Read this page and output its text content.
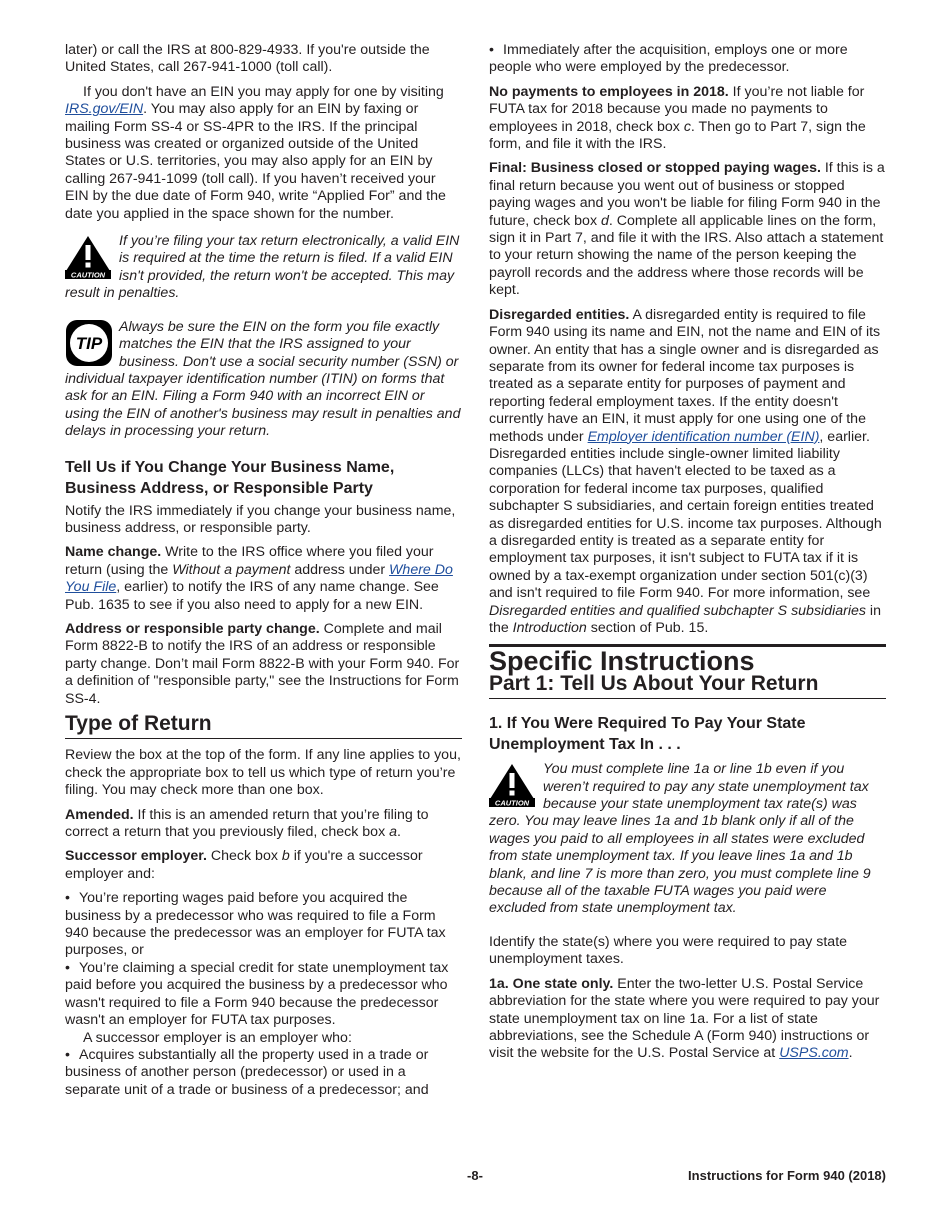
later) or call the IRS at 800-829-4933. If you're outside the United States, call 267-941-1000 (toll call).

If you don't have an EIN you may apply for one by visiting IRS.gov/EIN. You may also apply for an EIN by faxing or mailing Form SS-4 or SS-4PR to the IRS. If the principal business was created or organized outside of the United States or U.S. territories, you may also apply for an EIN by calling 267-941-1099 (toll call). If you haven’t received your EIN by the due date of Form 940, write “Applied For” and the date you applied in the space shown for the number.

CAUTION
If you’re filing your tax return electronically, a valid EIN is required at the time the return is filed. If a valid EIN isn't provided, the return won't be accepted. This may result in penalties.
TIP
Always be sure the EIN on the form you file exactly matches the EIN that the IRS assigned to your business. Don't use a social security number (SSN) or individual taxpayer identification number (ITIN) on forms that ask for an EIN. Filing a Form 940 with an incorrect EIN or using the EIN of another's business may result in penalties and delays in processing your return.
Tell Us if You Change Your Business Name, Business Address, or Responsible Party

Notify the IRS immediately if you change your business name, business address, or responsible party.

Name change. Write to the IRS office where you filed your return (using the Without a payment address under Where Do You File, earlier) to notify the IRS of any name change. See Pub. 1635 to see if you also need to apply for a new EIN.

Address or responsible party change. Complete and mail Form 8822-B to notify the IRS of an address or responsible party change. Don’t mail Form 8822-B with your Form 940. For a definition of "responsible party," see the Instructions for Form SS-4.

Type of Return

Review the box at the top of the form. If any line applies to you, check the appropriate box to tell us which type of return you’re filing. You may check more than one box.

Amended. If this is an amended return that you’re filing to correct a return that you previously filed, check box a.

Successor employer. Check box b if you're a successor employer and:

• You’re reporting wages paid before you acquired the business by a predecessor who was required to file a Form 940 because the predecessor was an employer for FUTA tax purposes, or

• You’re claiming a special credit for state unemployment tax paid before you acquired the business by a predecessor who wasn't required to file a Form 940 because the predecessor wasn't an employer for FUTA tax purposes.

A successor employer is an employer who:

• Acquires substantially all the property used in a trade or business of another person (predecessor) or used in a separate unit of a trade or business of a predecessor; and

• Immediately after the acquisition, employs one or more people who were employed by the predecessor.

No payments to employees in 2018. If you’re not liable for FUTA tax for 2018 because you made no payments to employees in 2018, check box c. Then go to Part 7, sign the form, and file it with the IRS.

Final: Business closed or stopped paying wages. If this is a final return because you went out of business or stopped paying wages and you won't be liable for filing Form 940 in the future, check box d. Complete all applicable lines on the form, sign it in Part 7, and file it with the IRS. Also attach a statement to your return showing the name of the person keeping the payroll records and the address where those records will be kept.

Disregarded entities. A disregarded entity is required to file Form 940 using its name and EIN, not the name and EIN of its owner. An entity that has a single owner and is disregarded as separate from its owner for federal income tax purposes is treated as a separate entity for purposes of payment and reporting federal employment taxes. If the entity doesn't currently have an EIN, it must apply for one using one of the methods under Employer identification number (EIN), earlier. Disregarded entities include single-owner limited liability companies (LLCs) that haven't elected to be taxed as a corporation for federal income tax purposes, qualified subchapter S subsidiaries, and certain foreign entities treated as disregarded entities for U.S. income tax purposes. Although a disregarded entity is treated as a separate entity for employment tax purposes, it isn't subject to FUTA tax if it is owned by a tax-exempt organization under section 501(c)(3) and isn't required to file Form 940. For more information, see Disregarded entities and qualified subchapter S subsidiaries in the Introduction section of Pub. 15.

Specific Instructions
Part 1: Tell Us About Your Return
1. If You Were Required To Pay Your State Unemployment Tax In . . .
CAUTION
You must complete line 1a or line 1b even if you weren’t required to pay any state unemployment tax because your state unemployment tax rate(s) was zero. You may leave lines 1a and 1b blank only if all of the wages you paid to all employees in all states were excluded from state unemployment tax. If you leave lines 1a and 1b blank, and line 7 is more than zero, you must complete line 9 because all of the taxable FUTA wages you paid were excluded from state unemployment tax.

Identify the state(s) where you were required to pay state unemployment taxes.

1a. One state only. Enter the two-letter U.S. Postal Service abbreviation for the state where you were required to pay your state unemployment tax on line 1a. For a list of state abbreviations, see the Schedule A (Form 940) instructions or visit the website for the U.S. Postal Service at USPS.com.

-8-	Instructions for Form 940 (2018)
